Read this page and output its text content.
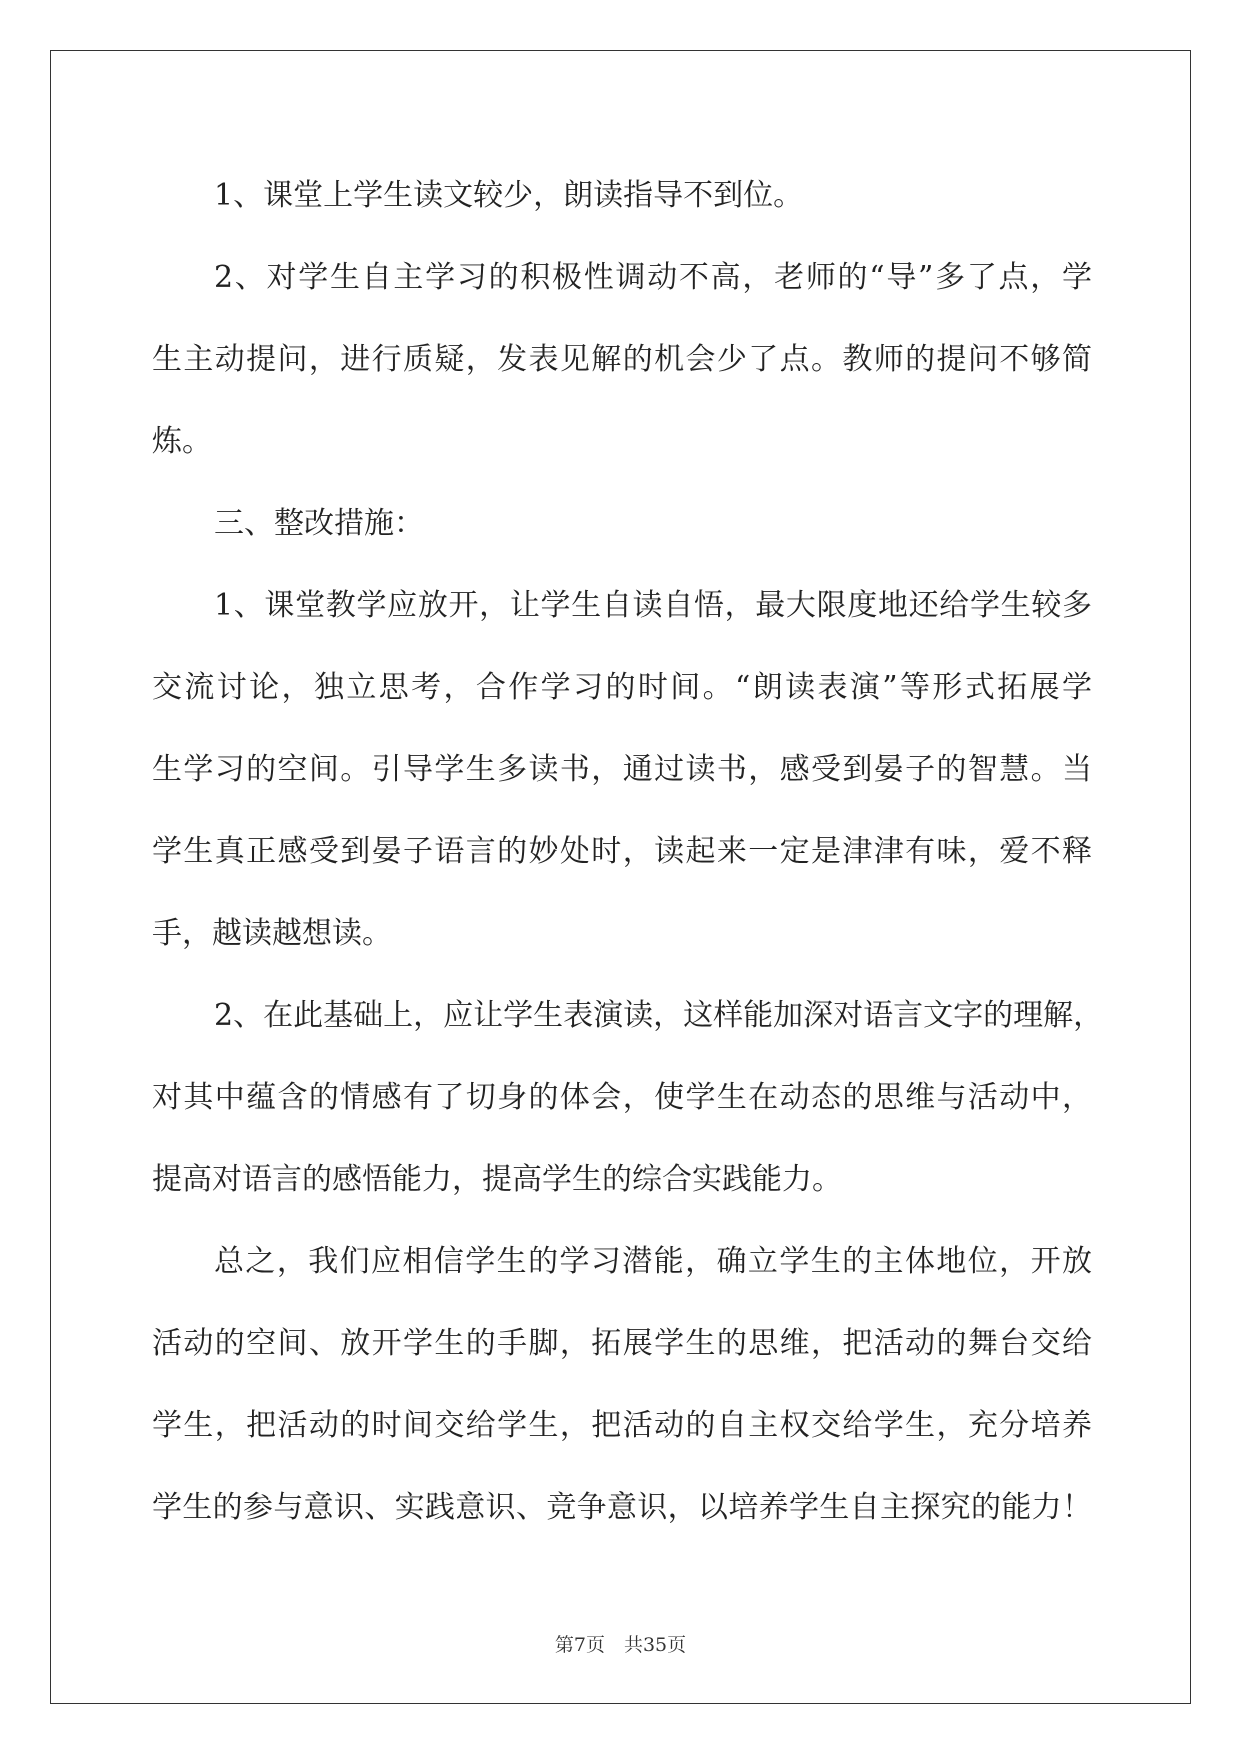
1、课堂上学生读文较少，朗读指导不到位。
2、对学生自主学习的积极性调动不高，老师的“导”多了点，学
生主动提问，进行质疑，发表见解的机会少了点。教师的提问不够简
炼。
三、整改措施：
1、课堂教学应放开，让学生自读自悟，最大限度地还给学生较多
交流讨论，独立思考，合作学习的时间。“朗读表演”等形式拓展学
生学习的空间。引导学生多读书，通过读书，感受到晏子的智慧。当
学生真正感受到晏子语言的妙处时，读起来一定是津津有味，爱不释
手，越读越想读。
2、在此基础上，应让学生表演读，这样能加深对语言文字的理解，
对其中蕴含的情感有了切身的体会，使学生在动态的思维与活动中，
提高对语言的感悟能力，提高学生的综合实践能力。
总之，我们应相信学生的学习潜能，确立学生的主体地位，开放
活动的空间、放开学生的手脚，拓展学生的思维，把活动的舞台交给
学生，把活动的时间交给学生，把活动的自主权交给学生，充分培养
学生的参与意识、实践意识、竞争意识，以培养学生自主探究的能力！
第7页　共35页
